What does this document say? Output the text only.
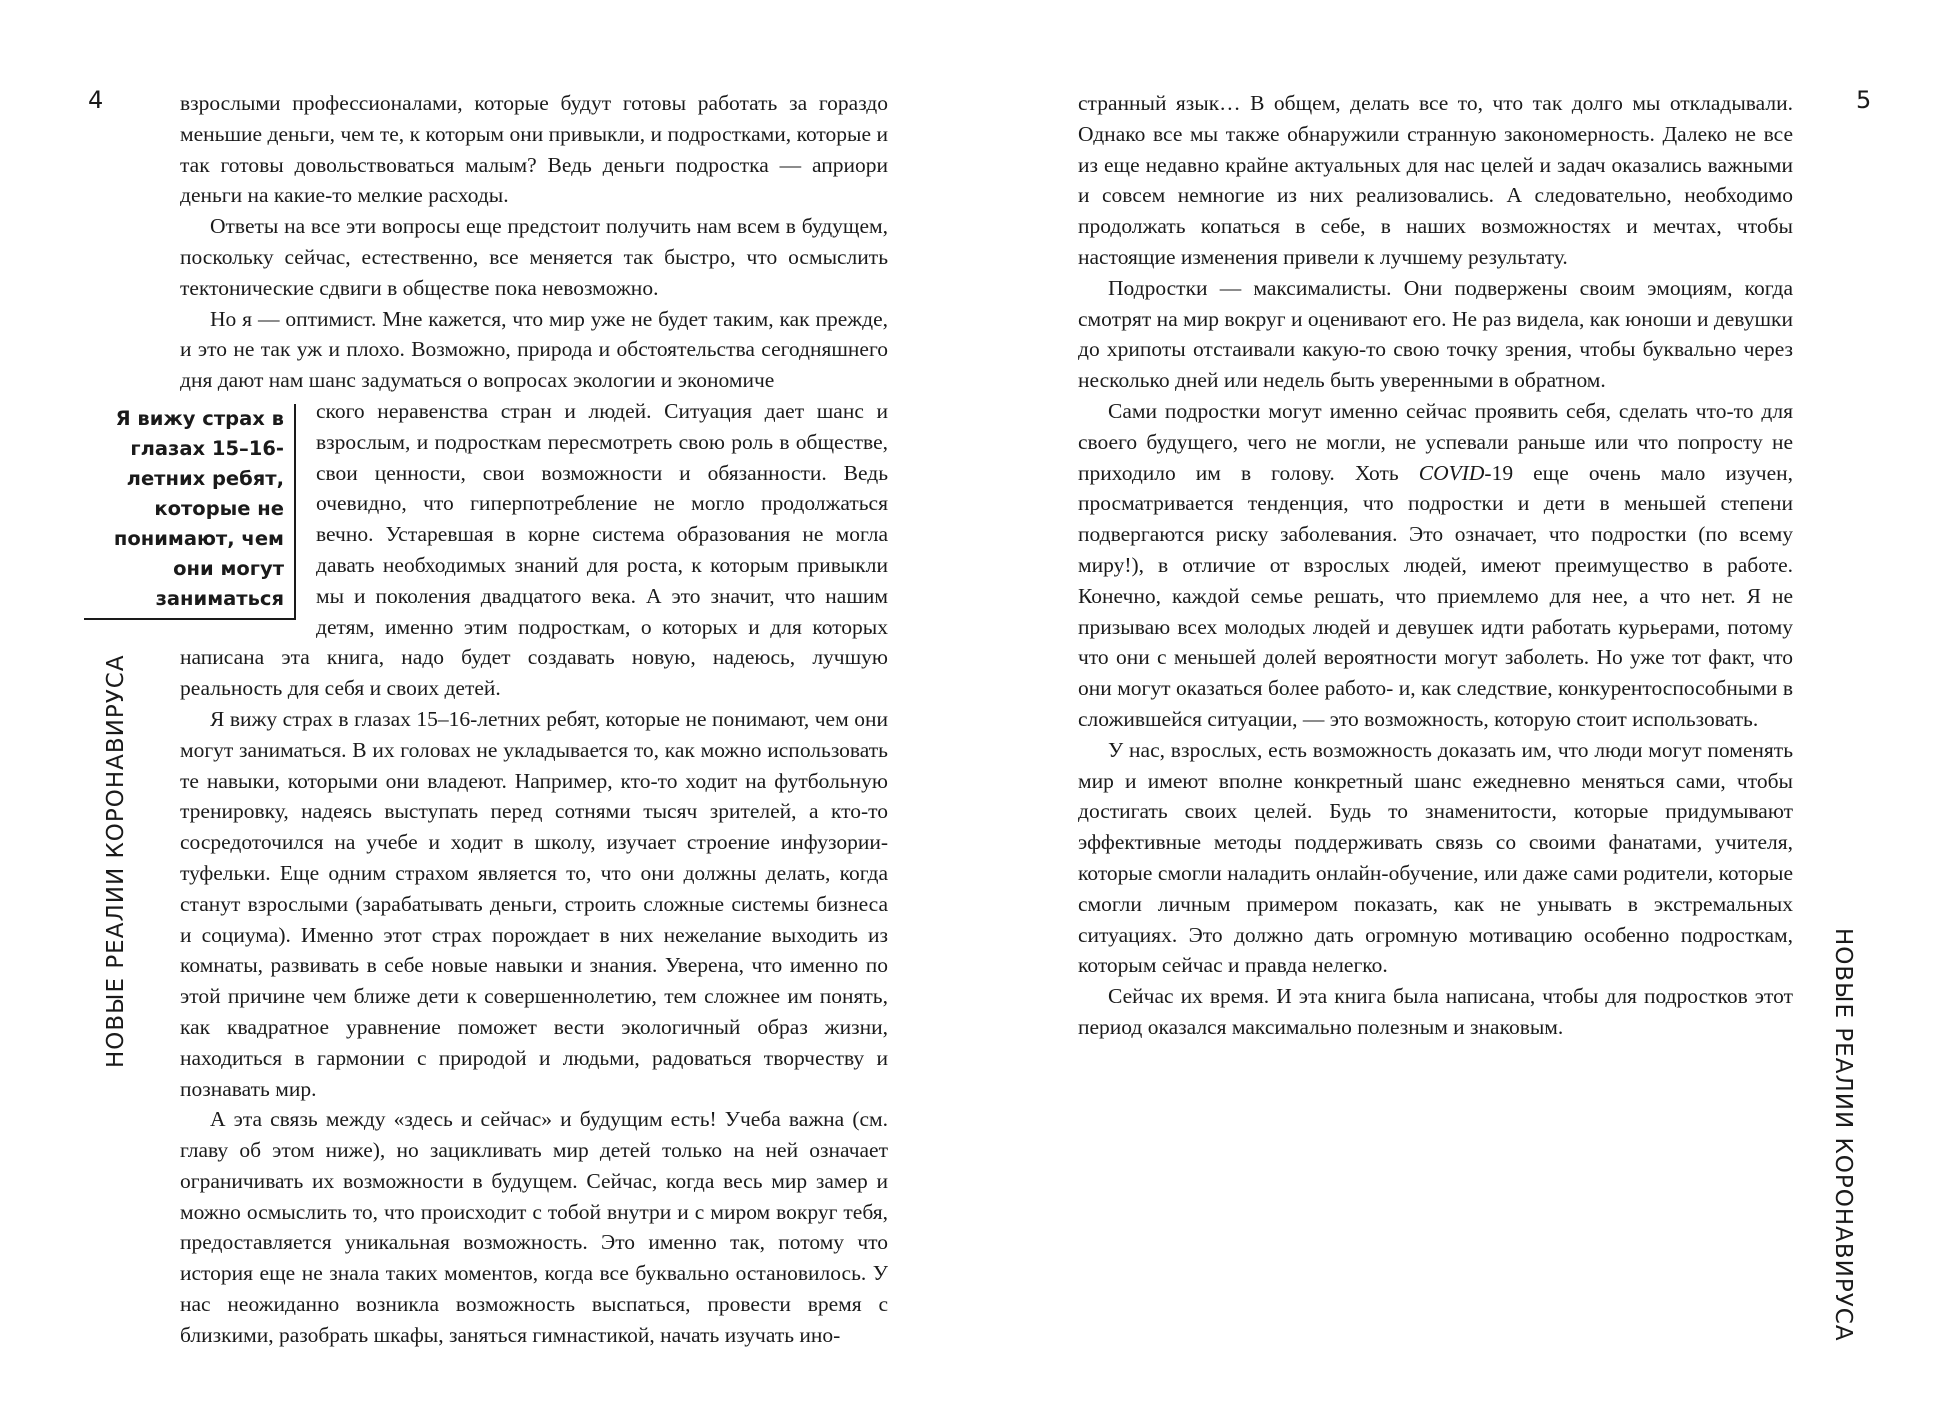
4
НОВЫЕ РЕАЛИИ КОРОНАВИРУСА

взрослыми профессионалами, которые будут готовы работать за гораздо меньшие деньги, чем те, к которым они привыкли, и подростками, которые и так готовы довольствоваться малым? Ведь деньги подростка — априори деньги на какие-то мелкие расходы.

Ответы на все эти вопросы еще предстоит получить нам всем в будущем, поскольку сейчас, естественно, все меняется так быстро, что осмыслить тектонические сдвиги в обществе пока невозможно.

Но я — оптимист. Мне кажется, что мир уже не будет таким, как прежде, и это не так уж и плохо. Возможно, природа и обстоятельства сегодняшнего дня дают нам шанс задуматься о вопросах экологии и экономиче

Я вижу страх в глазах 15–16-летних ребят, которые не понимают, чем они могут заниматься

ского неравенства стран и людей. Ситуация дает шанс и взрослым, и подросткам пересмотреть свою роль в обществе, свои ценности, свои возможности и обязанности. Ведь очевидно, что гиперпотребление не могло продолжаться вечно. Устаревшая в корне система образования не могла давать необходимых знаний для роста, к которым привыкли мы и поколения двадцатого века. А это значит, что нашим детям, именно этим подросткам, о которых и для которых написана эта книга, надо будет создавать новую, надеюсь, лучшую реальность для себя и своих детей.

Я вижу страх в глазах 15–16-летних ребят, которые не понимают, чем они могут заниматься. В их головах не укладывается то, как можно использовать те навыки, которыми они владеют. Например, кто-то ходит на футбольную тренировку, надеясь выступать перед сотнями тысяч зрителей, а кто-то сосредоточился на учебе и ходит в школу, изучает строение инфузории-туфельки. Еще одним страхом является то, что они должны делать, когда станут взрослыми (зарабатывать деньги, строить сложные системы бизнеса и социума). Именно этот страх порождает в них нежелание выходить из комнаты, развивать в себе новые навыки и знания. Уверена, что именно по этой причине чем ближе дети к совершеннолетию, тем сложнее им понять, как квадратное уравнение поможет вести экологичный образ жизни, находиться в гармонии с природой и людьми, радоваться творчеству и познавать мир.

А эта связь между «здесь и сейчас» и будущим есть! Учеба важна (см. главу об этом ниже), но зацикливать мир детей только на ней означает ограничивать их возможности в будущем. Сейчас, когда весь мир замер и можно осмыслить то, что происходит с тобой внутри и с миром вокруг тебя, предоставляется уникальная возможность. Это именно так, потому что история еще не знала таких моментов, когда все буквально остановилось. У нас неожиданно возникла возможность выспаться, провести время с близкими, разобрать шкафы, заняться гимнастикой, начать изучать ино-

5
НОВЫЕ РЕАЛИИ КОРОНАВИРУСА

странный язык… В общем, делать все то, что так долго мы откладывали. Однако все мы также обнаружили странную закономерность. Далеко не все из еще недавно крайне актуальных для нас целей и задач оказались важными и совсем немногие из них реализовались. А следовательно, необходимо продолжать копаться в себе, в наших возможностях и мечтах, чтобы настоящие изменения привели к лучшему результату.

Подростки — максималисты. Они подвержены своим эмоциям, когда смотрят на мир вокруг и оценивают его. Не раз видела, как юноши и девушки до хрипоты отстаивали какую-то свою точку зрения, чтобы буквально через несколько дней или недель быть уверенными в обратном.

Сами подростки могут именно сейчас проявить себя, сделать что-то для своего будущего, чего не могли, не успевали раньше или что попросту не приходило им в голову. Хоть COVID-19 еще очень мало изучен, просматривается тенденция, что подростки и дети в меньшей степени подвергаются риску заболевания. Это означает, что подростки (по всему миру!), в отличие от взрослых людей, имеют преимущество в работе. Конечно, каждой семье решать, что приемлемо для нее, а что нет. Я не призываю всех молодых людей и девушек идти работать курьерами, потому что они с меньшей долей вероятности могут заболеть. Но уже тот факт, что они могут оказаться более работо- и, как следствие, конкурентоспособными в сложившейся ситуации, — это возможность, которую стоит использовать.

У нас, взрослых, есть возможность доказать им, что люди могут поменять мир и имеют вполне конкретный шанс ежедневно меняться сами, чтобы достигать своих целей. Будь то знаменитости, которые придумывают эффективные методы поддерживать связь со своими фанатами, учителя, которые смогли наладить онлайн-обучение, или даже сами родители, которые смогли личным примером показать, как не унывать в экстремальных ситуациях. Это должно дать огромную мотивацию особенно подросткам, которым сейчас и правда нелегко.

Сейчас их время. И эта книга была написана, чтобы для подростков этот период оказался максимально полезным и знаковым.
